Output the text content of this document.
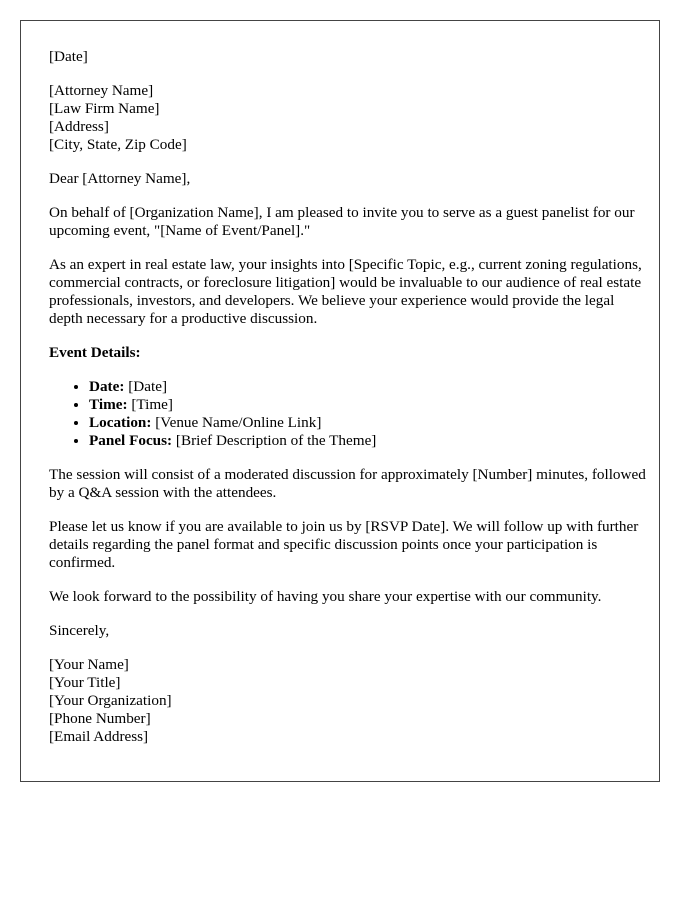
[Date]

[Attorney Name]

[Law Firm Name]

[Address]

[City, State, Zip Code]

Dear [Attorney Name],

On behalf of [Organization Name], I am pleased to invite you to serve as a guest panelist for our upcoming event, "[Name of Event/Panel]."

As an expert in real estate law, your insights into [Specific Topic, e.g., current zoning regulations, commercial contracts, or foreclosure litigation] would be invaluable to our audience of real estate professionals, investors, and developers. We believe your experience would provide the legal depth necessary for a productive discussion.

Event Details:

• Date: [Date]
• Time: [Time]
• Location: [Venue Name/Online Link]
• Panel Focus: [Brief Description of the Theme]

The session will consist of a moderated discussion for approximately [Number] minutes, followed by a Q&A session with the attendees.

Please let us know if you are available to join us by [RSVP Date]. We will follow up with further details regarding the panel format and specific discussion points once your participation is confirmed.

We look forward to the possibility of having you share your expertise with our community.

Sincerely,

[Your Name]

[Your Title]

[Your Organization]

[Phone Number]

[Email Address]
